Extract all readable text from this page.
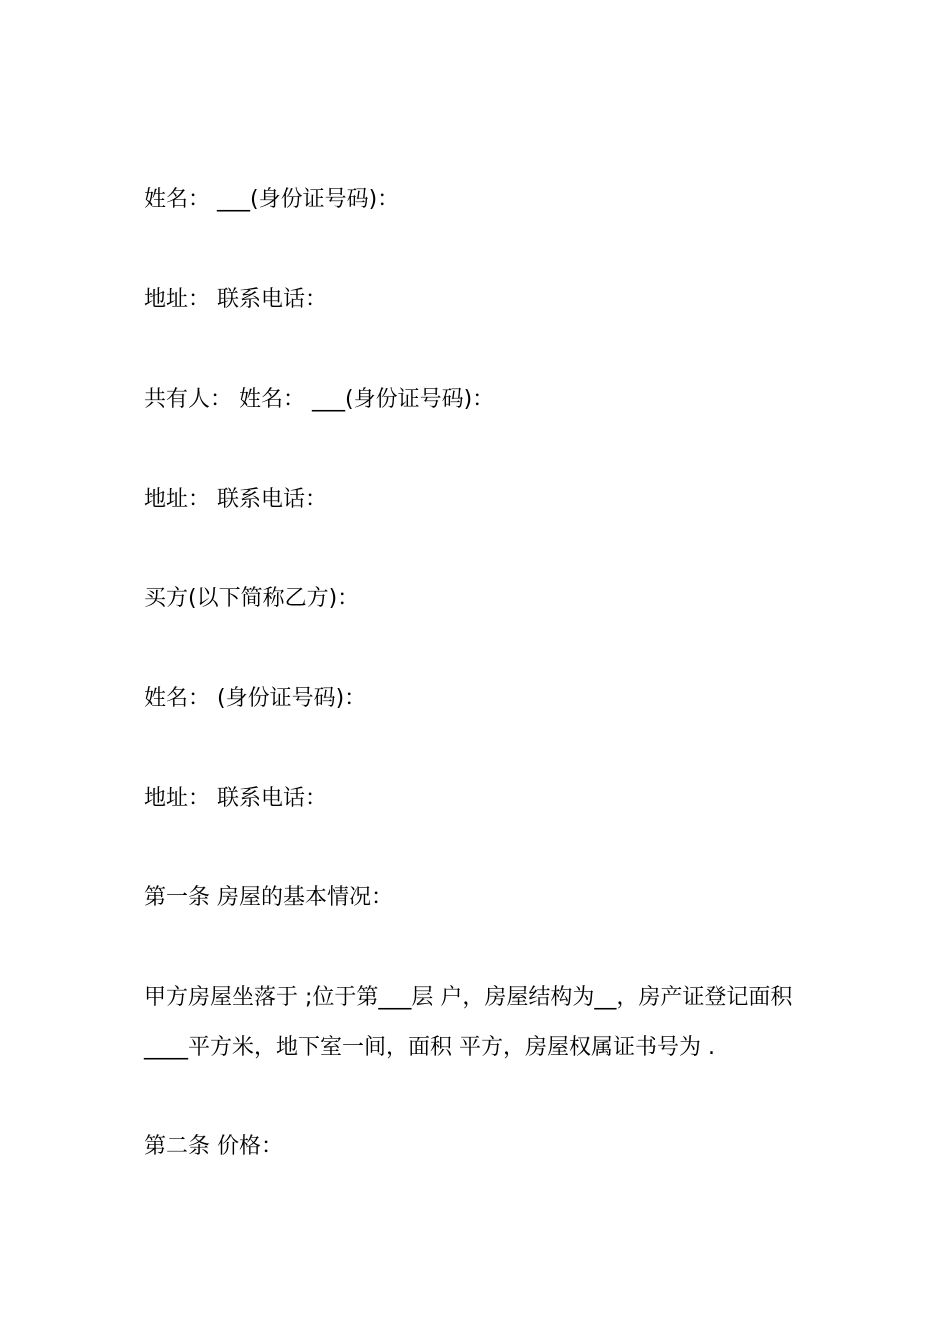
姓名： ___(身份证号码)：
地址： 联系电话：
共有人： 姓名： ___(身份证号码)：
地址： 联系电话：
买方(以下简称乙方)：
姓名： (身份证号码)：
地址： 联系电话：
第一条 房屋的基本情况：
甲方房屋坐落于 ;位于第___层 户，房屋结构为__，房产证登记面积
____平方米，地下室一间，面积 平方，房屋权属证书号为 .
第二条 价格：
